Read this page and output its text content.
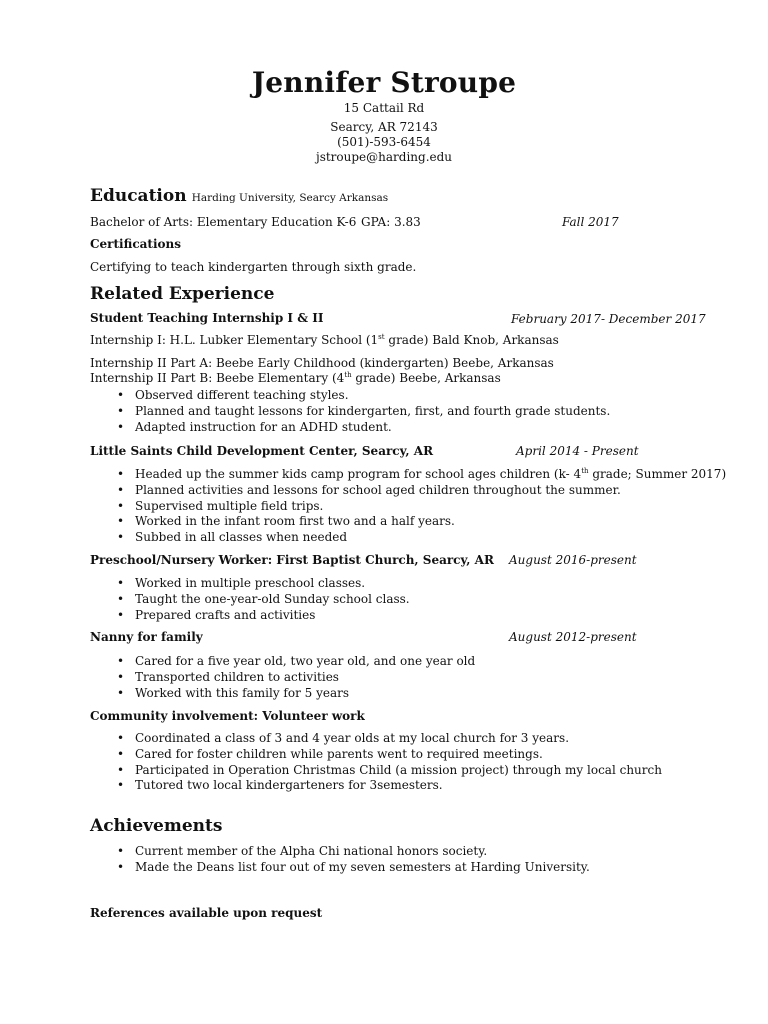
Jennifer Stroupe
15 Cattail Rd
Searcy, AR 72143
(501)-593-6454
jstroupe@harding.edu
Education Harding University, Searcy Arkansas
Bachelor of Arts: Elementary Education K-6 GPA: 3.83	Fall 2017
Certifications
Certifying to teach kindergarten through sixth grade.
Related Experience
Student Teaching Internship I & II	February 2017- December 2017
Internship I: H.L. Lubker Elementary School (1st grade) Bald Knob, Arkansas
Internship II Part A: Beebe Early Childhood (kindergarten) Beebe, Arkansas
Internship II Part B: Beebe Elementary (4th grade) Beebe, Arkansas
• Observed different teaching styles.
• Planned and taught lessons for kindergarten, first, and fourth grade students.
• Adapted instruction for an ADHD student.
Little Saints Child Development Center, Searcy, AR	April 2014 - Present
• Headed up the summer kids camp program for school ages children (k- 4th grade; Summer 2017)
• Planned activities and lessons for school aged children throughout the summer.
• Supervised multiple field trips.
• Worked in the infant room first two and a half years.
• Subbed in all classes when needed
Preschool/Nursery Worker: First Baptist Church, Searcy, AR August 2016-present
• Worked in multiple preschool classes.
• Taught the one-year-old Sunday school class.
• Prepared crafts and activities
Nanny for family	August 2012-present
• Cared for a five year old, two year old, and one year old
• Transported children to activities
• Worked with this family for 5 years
Community involvement: Volunteer work
• Coordinated a class of 3 and 4 year olds at my local church for 3 years.
• Cared for foster children while parents went to required meetings.
• Participated in Operation Christmas Child (a mission project) through my local church
• Tutored two local kindergarteners for 3semesters.
Achievements
• Current member of the Alpha Chi national honors society.
• Made the Deans list four out of my seven semesters at Harding University.
References available upon request
